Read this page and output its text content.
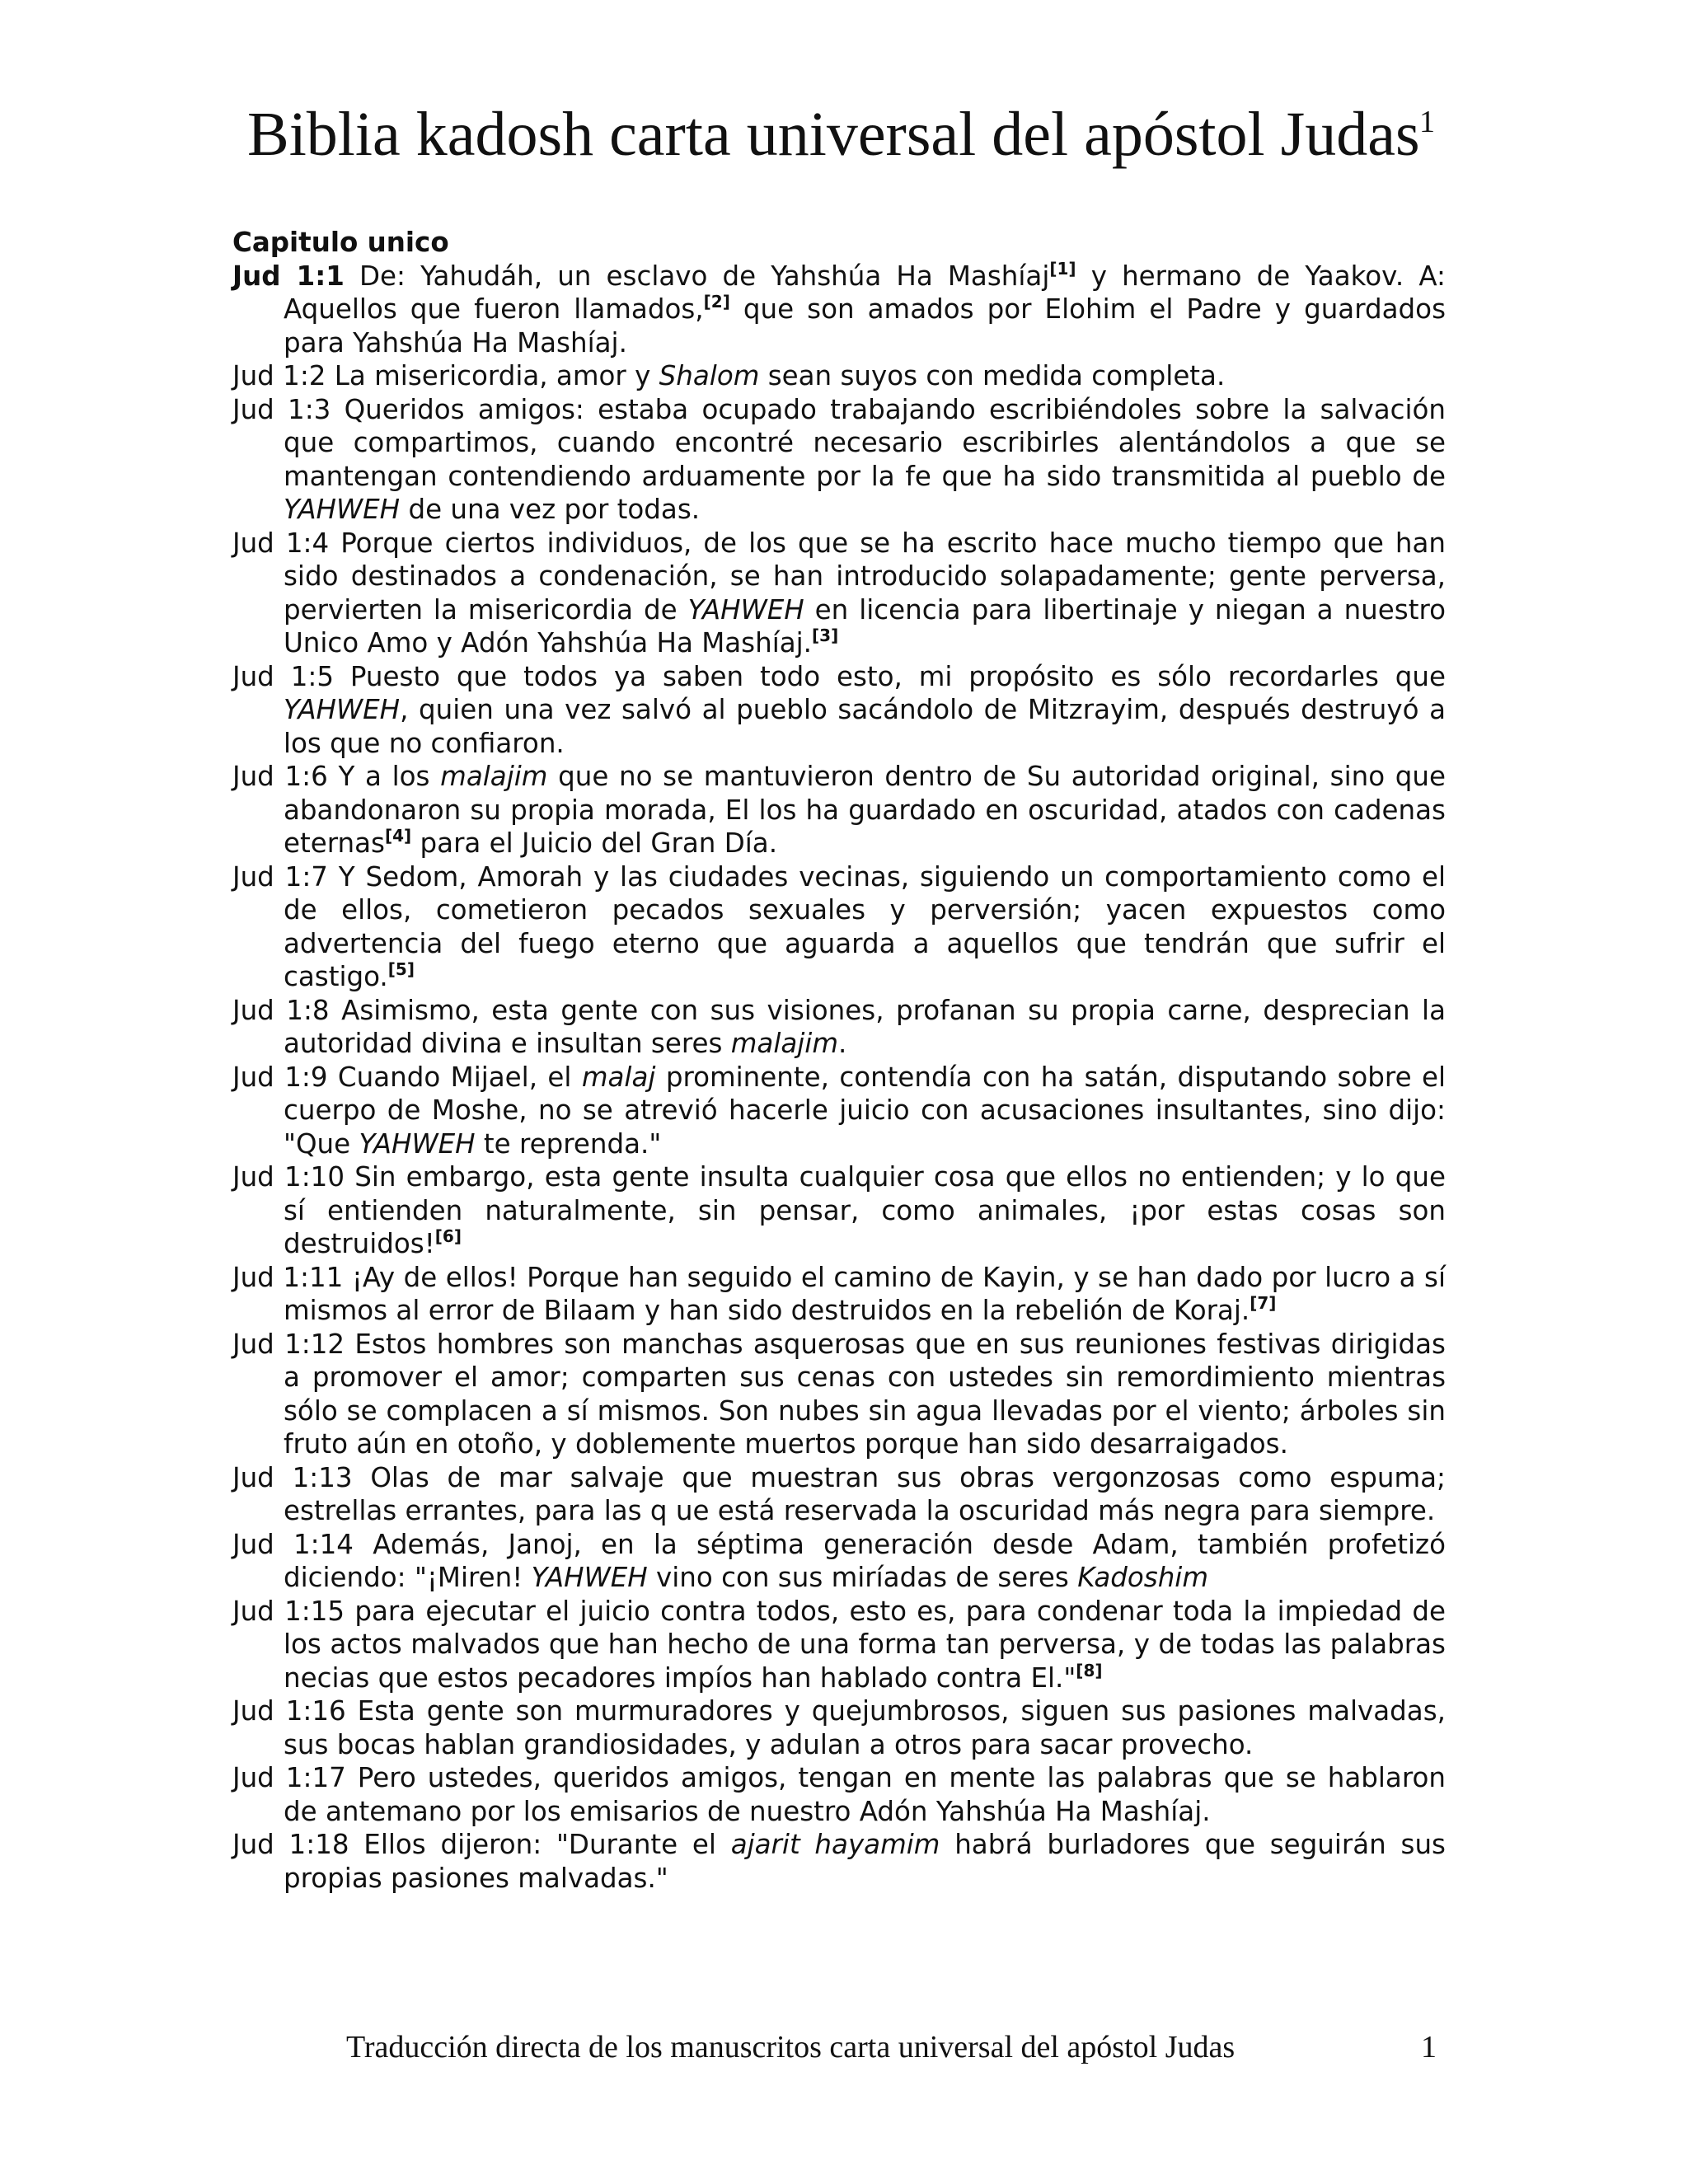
Biblia kadosh carta universal del apóstol Judas 1
Capitulo unico
Jud 1:1 De: Yahudáh, un esclavo de Yahshúa Ha Mashíaj[1] y hermano de Yaakov. A: Aquellos que fueron llamados,[2] que son amados por Elohim el Padre y guardados para Yahshúa Ha Mashíaj.
Jud 1:2 La misericordia, amor y Shalom sean suyos con medida completa.
Jud 1:3 Queridos amigos: estaba ocupado trabajando escribiéndoles sobre la salvación que compartimos, cuando encontré necesario escribirles alentándolos a que se mantengan contendiendo arduamente por la fe que ha sido transmitida al pueblo de YAHWEH de una vez por todas.
Jud 1:4 Porque ciertos individuos, de los que se ha escrito hace mucho tiempo que han sido destinados a condenación, se han introducido solapadamente; gente perversa, pervierten la misericordia de YAHWEH en licencia para libertinaje y niegan a nuestro Unico Amo y Adón Yahshúa Ha Mashíaj.[3]
Jud 1:5 Puesto que todos ya saben todo esto, mi propósito es sólo recordarles que YAHWEH, quien una vez salvó al pueblo sacándolo de Mitzrayim, después destruyó a los que no confiaron.
Jud 1:6 Y a los malajim que no se mantuvieron dentro de Su autoridad original, sino que abandonaron su propia morada, El los ha guardado en oscuridad, atados con cadenas eternas[4] para el Juicio del Gran Día.
Jud 1:7 Y Sedom, Amorah y las ciudades vecinas, siguiendo un comportamiento como el de ellos, cometieron pecados sexuales y perversión; yacen expuestos como advertencia del fuego eterno que aguarda a aquellos que tendrán que sufrir el castigo.[5]
Jud 1:8 Asimismo, esta gente con sus visiones, profanan su propia carne, desprecian la autoridad divina e insultan seres malajim.
Jud 1:9 Cuando Mijael, el malaj prominente, contendía con ha satán, disputando sobre el cuerpo de Moshe, no se atrevió hacerle juicio con acusaciones insultantes, sino dijo: "Que YAHWEH te reprenda."
Jud 1:10 Sin embargo, esta gente insulta cualquier cosa que ellos no entienden; y lo que sí entienden naturalmente, sin pensar, como animales, ¡por estas cosas son destruidos![6]
Jud 1:11 ¡Ay de ellos! Porque han seguido el camino de Kayin, y se han dado por lucro a sí mismos al error de Bilaam y han sido destruidos en la rebelión de Koraj.[7]
Jud 1:12 Estos hombres son manchas asquerosas que en sus reuniones festivas dirigidas a promover el amor; comparten sus cenas con ustedes sin remordimiento mientras sólo se complacen a sí mismos. Son nubes sin agua llevadas por el viento; árboles sin fruto aún en otoño, y doblemente muertos porque han sido desarraigados.
Jud 1:13 Olas de mar salvaje que muestran sus obras vergonzosas como espuma; estrellas errantes, para las q ue está reservada la oscuridad más negra para siempre.
Jud 1:14 Además, Janoj, en la séptima generación desde Adam, también profetizó diciendo: "¡Miren! YAHWEH vino con sus miríadas de seres Kadoshim
Jud 1:15 para ejecutar el juicio contra todos, esto es, para condenar toda la impiedad de los actos malvados que han hecho de una forma tan perversa, y de todas las palabras necias que estos pecadores impíos han hablado contra El."[8]
Jud 1:16 Esta gente son murmuradores y quejumbrosos, siguen sus pasiones malvadas, sus bocas hablan grandiosidades, y adulan a otros para sacar provecho.
Jud 1:17 Pero ustedes, queridos amigos, tengan en mente las palabras que se hablaron de antemano por los emisarios de nuestro Adón Yahshúa Ha Mashíaj.
Jud 1:18 Ellos dijeron: "Durante el ajarit hayamim habrá burladores que seguirán sus propias pasiones malvadas."
Traducción directa de los manuscritos carta universal del apóstol Judas	1
